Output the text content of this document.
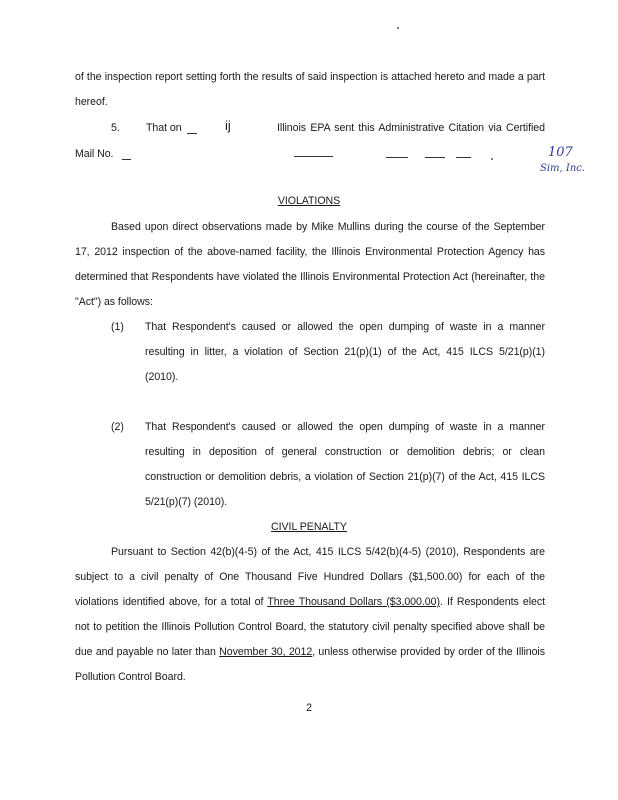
of the inspection report setting forth the results of said inspection is attached hereto and made a part
hereof.
5. That on	ij	Illinois EPA sent this Administrative Citation via Certified
Mail No.	107
Sim, Inc.
VIOLATIONS
Based upon direct observations made by Mike Mullins during the course of the September
17, 2012 inspection of the above-named facility, the Illinois Environmental Protection Agency has
determined that Respondents have violated the Illinois Environmental Protection Act (hereinafter, the
"Act") as follows:
(1) That Respondent's caused or allowed the open dumping of waste in a manner
resulting in litter, a violation of Section 21(p)(1) of the Act, 415 ILCS 5/21(p)(1)
(2010).
(2) That Respondent's caused or allowed the open dumping of waste in a manner
resulting in deposition of general construction or demolition debris; or clean
construction or demolition debris, a violation of Section 21(p)(7) of the Act, 415 ILCS
5/21(p)(7) (2010).
CIVIL PENALTY
Pursuant to Section 42(b)(4-5) of the Act, 415 ILCS 5/42(b)(4-5) (2010), Respondents are
subject to a civil penalty of One Thousand Five Hundred Dollars ($1,500.00) for each of the
violations identified above, for a total of Three Thousand Dollars ($3,000.00). If Respondents elect
not to petition the Illinois Pollution Control Board, the statutory civil penalty specified above shall be
due and payable no later than November 30, 2012, unless otherwise provided by order of the Illinois
Pollution Control Board.
2
